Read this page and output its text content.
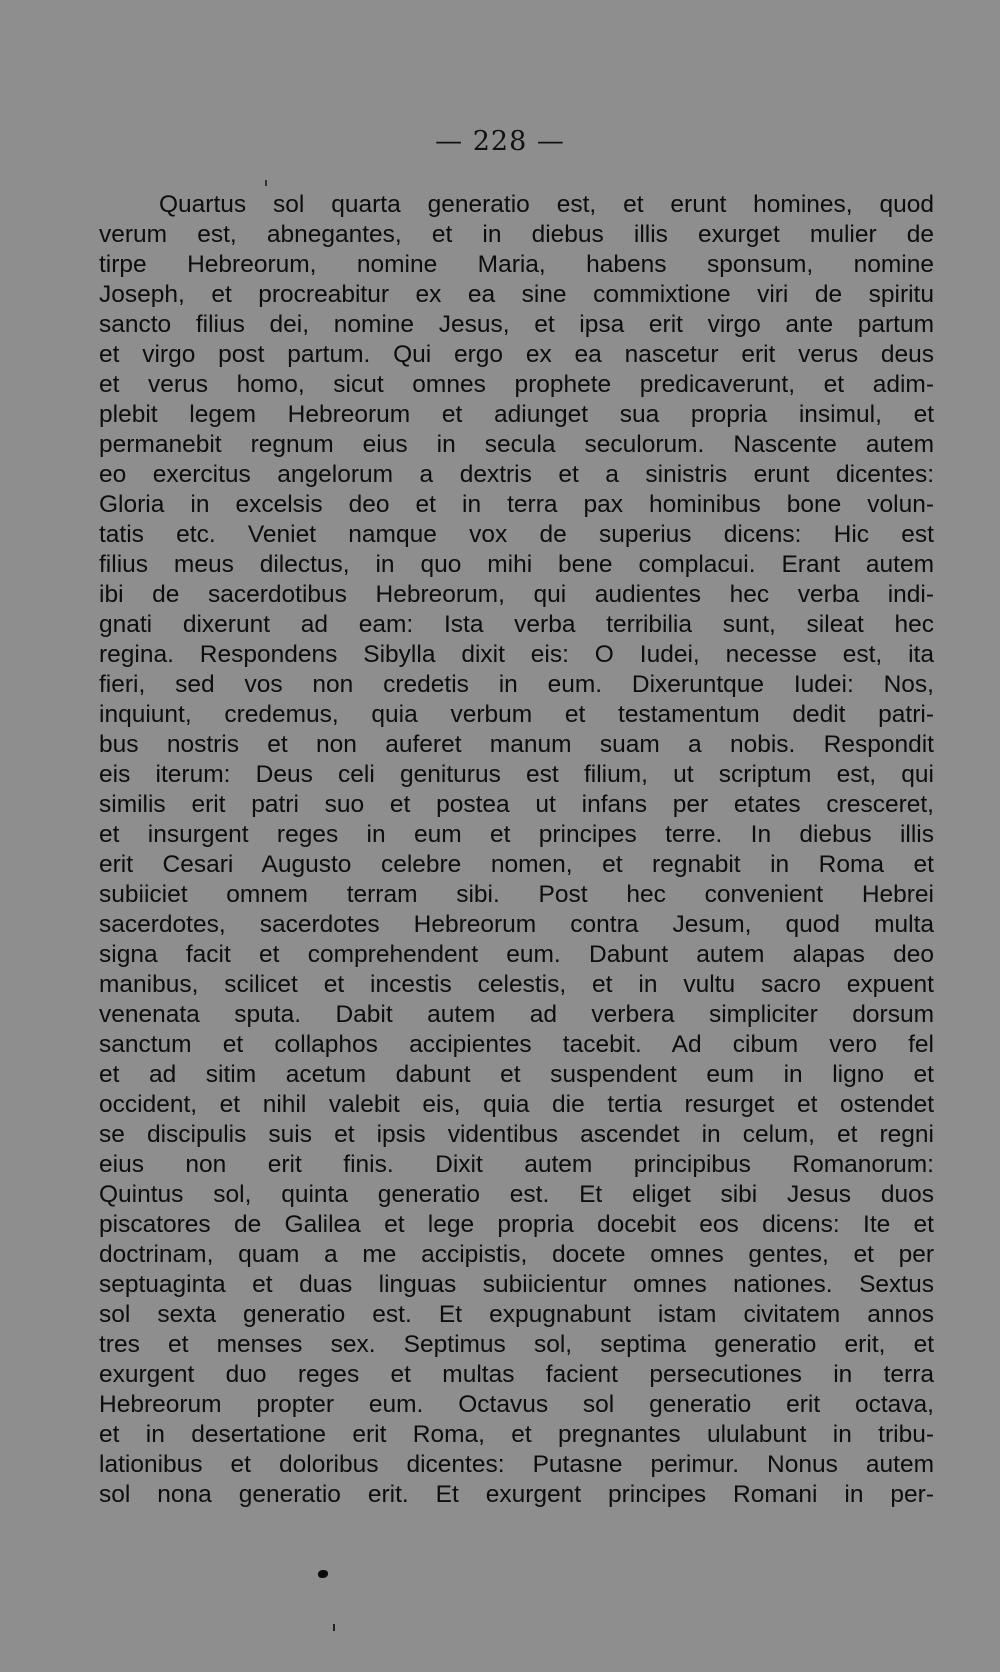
— 228 —
Quartus sol quarta generatio est, et erunt homines, quod
verum est, abnegantes, et in diebus illis exurget mulier de
tirpe Hebreorum, nomine Maria, habens sponsum, nomine
Joseph, et procreabitur ex ea sine commixtione viri de spiritu
sancto filius dei, nomine Jesus, et ipsa erit virgo ante partum
et virgo post partum. Qui ergo ex ea nascetur erit verus deus
et verus homo, sicut omnes prophete predicaverunt, et adim-
plebit legem Hebreorum et adiunget sua propria insimul, et
permanebit regnum eius in secula seculorum. Nascente autem
eo exercitus angelorum a dextris et a sinistris erunt dicentes:
Gloria in excelsis deo et in terra pax hominibus bone volun-
tatis etc. Veniet namque vox de superius dicens: Hic est
filius meus dilectus, in quo mihi bene complacui. Erant autem
ibi de sacerdotibus Hebreorum, qui audientes hec verba indi-
gnati dixerunt ad eam: Ista verba terribilia sunt, sileat hec
regina. Respondens Sibylla dixit eis: O Iudei, necesse est, ita
fieri, sed vos non credetis in eum. Dixeruntque Iudei: Nos,
inquiunt, credemus, quia verbum et testamentum dedit patri-
bus nostris et non auferet manum suam a nobis. Respondit
eis iterum: Deus celi geniturus est filium, ut scriptum est, qui
similis erit patri suo et postea ut infans per etates cresceret,
et insurgent reges in eum et principes terre. In diebus illis
erit Cesari Augusto celebre nomen, et regnabit in Roma et
subiiciet omnem terram sibi. Post hec convenient Hebrei
sacerdotes, sacerdotes Hebreorum contra Jesum, quod multa
signa facit et comprehendent eum. Dabunt autem alapas deo
manibus, scilicet et incestis celestis, et in vultu sacro expuent
venenata sputa. Dabit autem ad verbera simpliciter dorsum
sanctum et collaphos accipientes tacebit. Ad cibum vero fel
et ad sitim acetum dabunt et suspendent eum in ligno et
occident, et nihil valebit eis, quia die tertia resurget et ostendet
se discipulis suis et ipsis videntibus ascendet in celum, et regni
eius non erit finis. Dixit autem principibus Romanorum:
Quintus sol, quinta generatio est. Et eliget sibi Jesus duos
piscatores de Galilea et lege propria docebit eos dicens: Ite et
doctrinam, quam a me accipistis, docete omnes gentes, et per
septuaginta et duas linguas subiicientur omnes nationes. Sextus
sol sexta generatio est. Et expugnabunt istam civitatem annos
tres et menses sex. Septimus sol, septima generatio erit, et
exurgent duo reges et multas facient persecutiones in terra
Hebreorum propter eum. Octavus sol generatio erit octava,
et in desertatione erit Roma, et pregnantes ululabunt in tribu-
lationibus et doloribus dicentes: Putasne perimur. Nonus autem
sol nona generatio erit. Et exurgent principes Romani in per-
